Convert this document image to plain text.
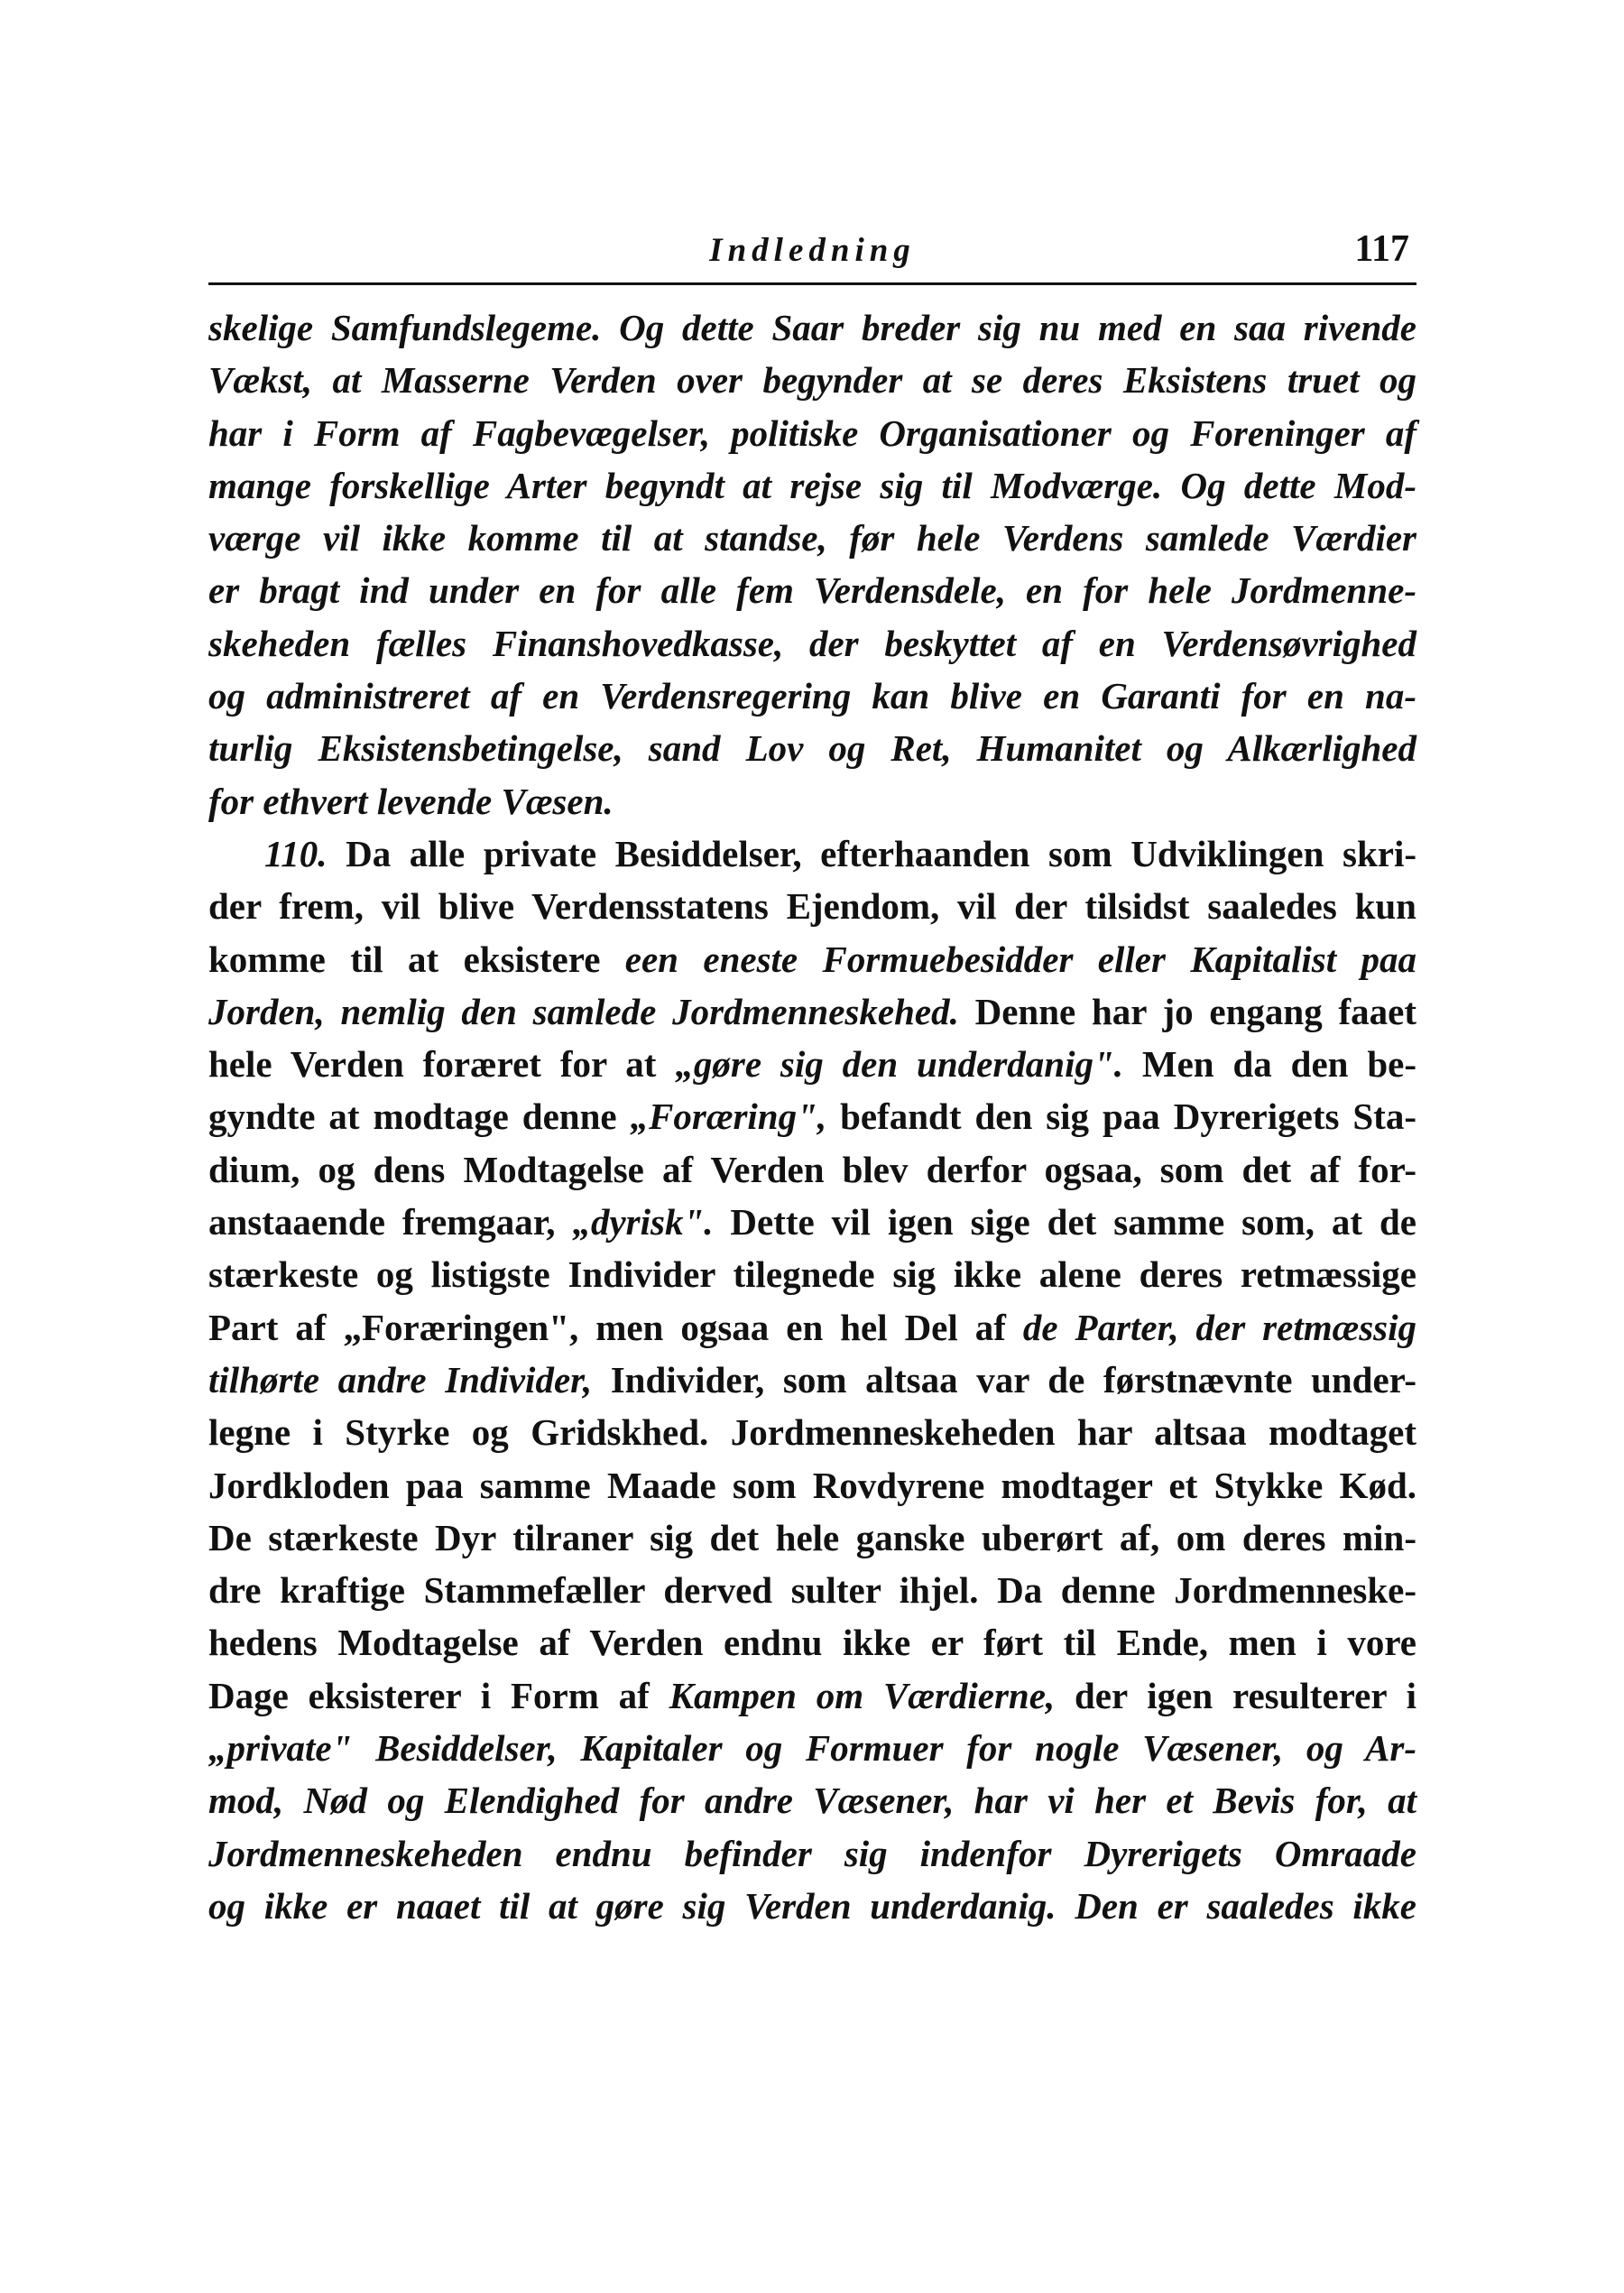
Indledning	117
skelige Samfundslegeme. Og dette Saar breder sig nu med en saa rivende
Vækst, at Masserne Verden over begynder at se deres Eksistens truet og
har i Form af Fagbevægelser, politiske Organisationer og Foreninger af
mange forskellige Arter begyndt at rejse sig til Modværge. Og dette Mod-
værge vil ikke komme til at standse, før hele Verdens samlede Værdier
er bragt ind under en for alle fem Verdensdele, en for hele Jordmenne-
skeheden fælles Finanshovedkasse, der beskyttet af en Verdensøvrighed
og administreret af en Verdensregering kan blive en Garanti for en na-
turlig Eksistensbetingelse, sand Lov og Ret, Humanitet og Alkærlighed
for ethvert levende Væsen.
110. Da alle private Besiddelser, efterhaanden som Udviklingen skri-
der frem, vil blive Verdensstatens Ejendom, vil der tilsidst saaledes kun
komme til at eksistere een eneste Formuebesidder eller Kapitalist paa
Jorden, nemlig den samlede Jordmenneskehed. Denne har jo engang faaet
hele Verden foræret for at „gøre sig den underdanig". Men da den be-
gyndte at modtage denne „Foræring", befandt den sig paa Dyrerigets Sta-
dium, og dens Modtagelse af Verden blev derfor ogsaa, som det af for-
anstaaende fremgaar, „dyrisk". Dette vil igen sige det samme som, at de
stærkeste og listigste Individer tilegnede sig ikke alene deres retmæssige
Part af „Foræringen", men ogsaa en hel Del af de Parter, der retmæssig
tilhørte andre Individer, Individer, som altsaa var de førstnævnte under-
legne i Styrke og Gridskhed. Jordmenneskeheden har altsaa modtaget
Jordkloden paa samme Maade som Rovdyrene modtager et Stykke Kød.
De stærkeste Dyr tilraner sig det hele ganske uberørt af, om deres min-
dre kraftige Stammefæller derved sulter ihjel. Da denne Jordmenneske-
hedens Modtagelse af Verden endnu ikke er ført til Ende, men i vore
Dage eksisterer i Form af Kampen om Værdierne, der igen resulterer i
„private" Besiddelser, Kapitaler og Formuer for nogle Væsener, og Ar-
mod, Nød og Elendighed for andre Væsener, har vi her et Bevis for, at
Jordmenneskeheden endnu befinder sig indenfor Dyrerigets Omraade
og ikke er naaet til at gøre sig Verden underdanig. Den er saaledes ikke
